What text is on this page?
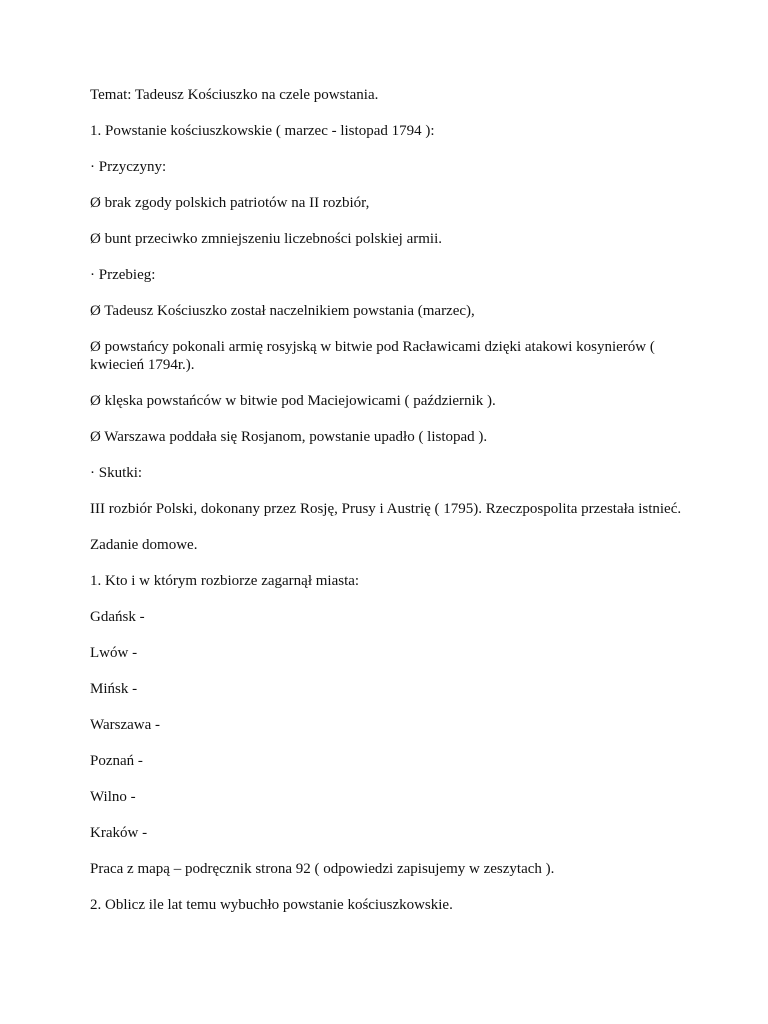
Temat: Tadeusz Kościuszko na czele powstania.

1. Powstanie kościuszkowskie ( marzec - listopad 1794 ):

· Przyczyny:

Ø brak zgody polskich patriotów na II rozbiór,

Ø bunt przeciwko zmniejszeniu liczebności polskiej armii.

· Przebieg:

Ø Tadeusz Kościuszko został naczelnikiem powstania (marzec),

Ø powstańcy pokonali armię rosyjską w bitwie pod Racławicami dzięki atakowi kosynierów ( kwiecień 1794r.).

Ø klęska powstańców w bitwie pod Maciejowicami ( październik ).

Ø Warszawa poddała się Rosjanom, powstanie upadło ( listopad ).

· Skutki:

III rozbiór Polski, dokonany przez Rosję, Prusy i Austrię ( 1795). Rzeczpospolita przestała istnieć.

Zadanie domowe.

1. Kto i w którym rozbiorze zagarnął miasta:

Gdańsk -

Lwów -

Mińsk -

Warszawa -

Poznań -

Wilno -

Kraków -

Praca z mapą – podręcznik strona 92 ( odpowiedzi zapisujemy w zeszytach ).

2. Oblicz ile lat temu wybuchło powstanie kościuszkowskie.
